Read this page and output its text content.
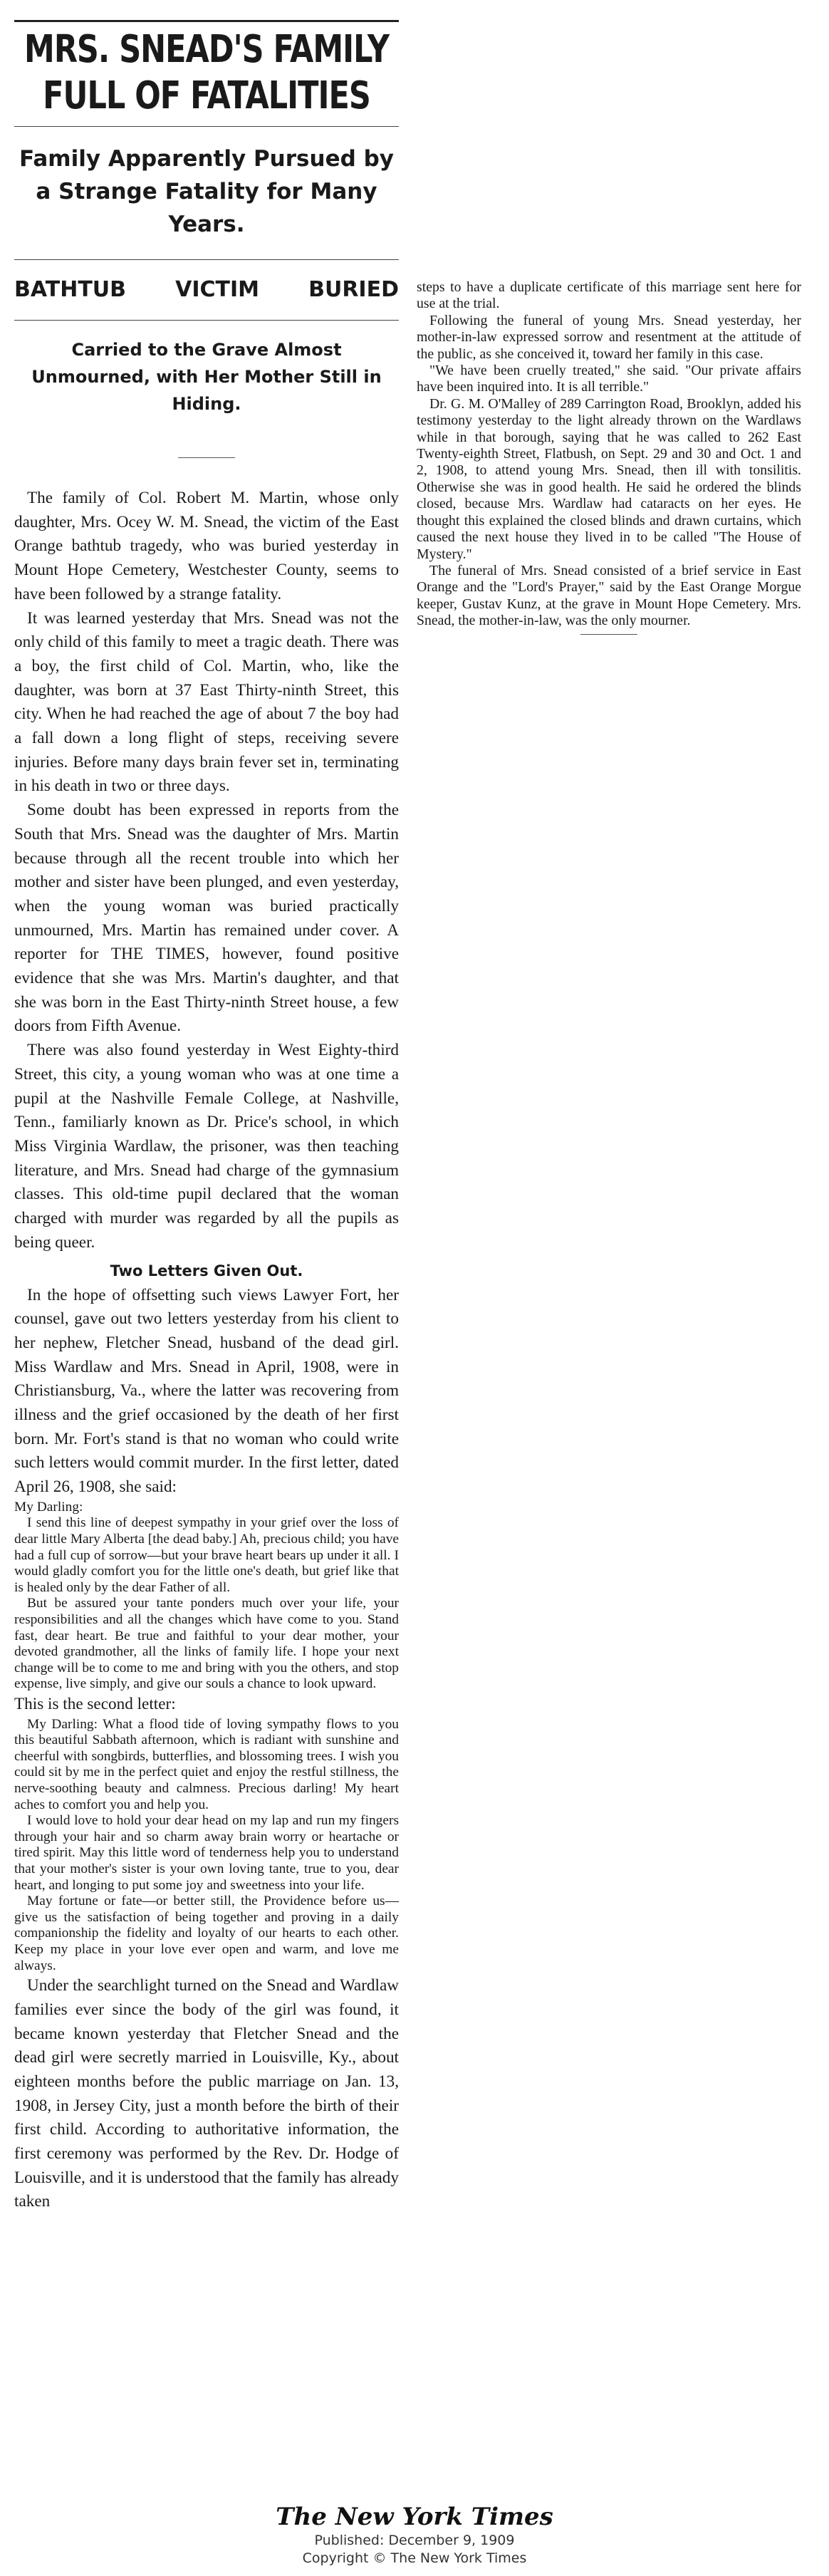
MRS. SNEAD'S FAMILY FULL OF FATALITIES
Family Apparently Pursued by a Strange Fatality for Many Years.
BATHTUB VICTIM BURIED
Carried to the Grave Almost Unmourned, with Her Mother Still in Hiding.

The family of Col. Robert M. Martin, whose only daughter, Mrs. Ocey W. M. Snead, the victim of the East Orange bathtub tragedy, who was buried yesterday in Mount Hope Cemetery, Westchester County, seems to have been followed by a strange fatality.

It was learned yesterday that Mrs. Snead was not the only child of this family to meet a tragic death. There was a boy, the first child of Col. Martin, who, like the daughter, was born at 37 East Thirty-ninth Street, this city. When he had reached the age of about 7 the boy had a fall down a long flight of steps, receiving severe injuries. Before many days brain fever set in, terminating in his death in two or three days.

Some doubt has been expressed in reports from the South that Mrs. Snead was the daughter of Mrs. Martin because through all the recent trouble into which her mother and sister have been plunged, and even yesterday, when the young woman was buried practically unmourned, Mrs. Martin has remained under cover. A reporter for THE TIMES, however, found positive evidence that she was Mrs. Martin's daughter, and that she was born in the East Thirty-ninth Street house, a few doors from Fifth Avenue.

There was also found yesterday in West Eighty-third Street, this city, a young woman who was at one time a pupil at the Nashville Female College, at Nashville, Tenn., familiarly known as Dr. Price's school, in which Miss Virginia Wardlaw, the prisoner, was then teaching literature, and Mrs. Snead had charge of the gymnasium classes. This old-time pupil declared that the woman charged with murder was regarded by all the pupils as being queer.

Two Letters Given Out.

In the hope of offsetting such views Lawyer Fort, her counsel, gave out two letters yesterday from his client to her nephew, Fletcher Snead, husband of the dead girl. Miss Wardlaw and Mrs. Snead in April, 1908, were in Christiansburg, Va., where the latter was recovering from illness and the grief occasioned by the death of her first born. Mr. Fort's stand is that no woman who could write such letters would commit murder. In the first letter, dated April 26, 1908, she said:

My Darling:

I send this line of deepest sympathy in your grief over the loss of dear little Mary Alberta [the dead baby.] Ah, precious child; you have had a full cup of sorrow—but your brave heart bears up under it all. I would gladly comfort you for the little one's death, but grief like that is healed only by the dear Father of all.

But be assured your tante ponders much over your life, your responsibilities and all the changes which have come to you. Stand fast, dear heart. Be true and faithful to your dear mother, your devoted grandmother, all the links of family life. I hope your next change will be to come to me and bring with you the others, and stop expense, live simply, and give our souls a chance to look upward.

This is the second letter:

My Darling: What a flood tide of loving sympathy flows to you this beautiful Sabbath afternoon, which is radiant with sunshine and cheerful with songbirds, butterflies, and blossoming trees. I wish you could sit by me in the perfect quiet and enjoy the restful stillness, the nerve-soothing beauty and calmness. Precious darling! My heart aches to comfort you and help you.

I would love to hold your dear head on my lap and run my fingers through your hair and so charm away brain worry or heartache or tired spirit. May this little word of tenderness help you to understand that your mother's sister is your own loving tante, true to you, dear heart, and longing to put some joy and sweetness into your life.

May fortune or fate—or better still, the Providence before us—give us the satisfaction of being together and proving in a daily companionship the fidelity and loyalty of our hearts to each other. Keep my place in your love ever open and warm, and love me always.

Under the searchlight turned on the Snead and Wardlaw families ever since the body of the girl was found, it became known yesterday that Fletcher Snead and the dead girl were secretly married in Louisville, Ky., about eighteen months before the public marriage on Jan. 13, 1908, in Jersey City, just a month before the birth of their first child. According to authoritative information, the first ceremony was performed by the Rev. Dr. Hodge of Louisville, and it is understood that the family has already taken

steps to have a duplicate certificate of this marriage sent here for use at the trial.

Following the funeral of young Mrs. Snead yesterday, her mother-in-law expressed sorrow and resentment at the attitude of the public, as she conceived it, toward her family in this case.

"We have been cruelly treated," she said. "Our private affairs have been inquired into. It is all terrible."

Dr. G. M. O'Malley of 289 Carrington Road, Brooklyn, added his testimony yesterday to the light already thrown on the Wardlaws while in that borough, saying that he was called to 262 East Twenty-eighth Street, Flatbush, on Sept. 29 and 30 and Oct. 1 and 2, 1908, to attend young Mrs. Snead, then ill with tonsilitis. Otherwise she was in good health. He said he ordered the blinds closed, because Mrs. Wardlaw had cataracts on her eyes. He thought this explained the closed blinds and drawn curtains, which caused the next house they lived in to be called "The House of Mystery."

The funeral of Mrs. Snead consisted of a brief service in East Orange and the "Lord's Prayer," said by the East Orange Morgue keeper, Gustav Kunz, at the grave in Mount Hope Cemetery. Mrs. Snead, the mother-in-law, was the only mourner.

The New York Times
Published: December 9, 1909
Copyright © The New York Times
